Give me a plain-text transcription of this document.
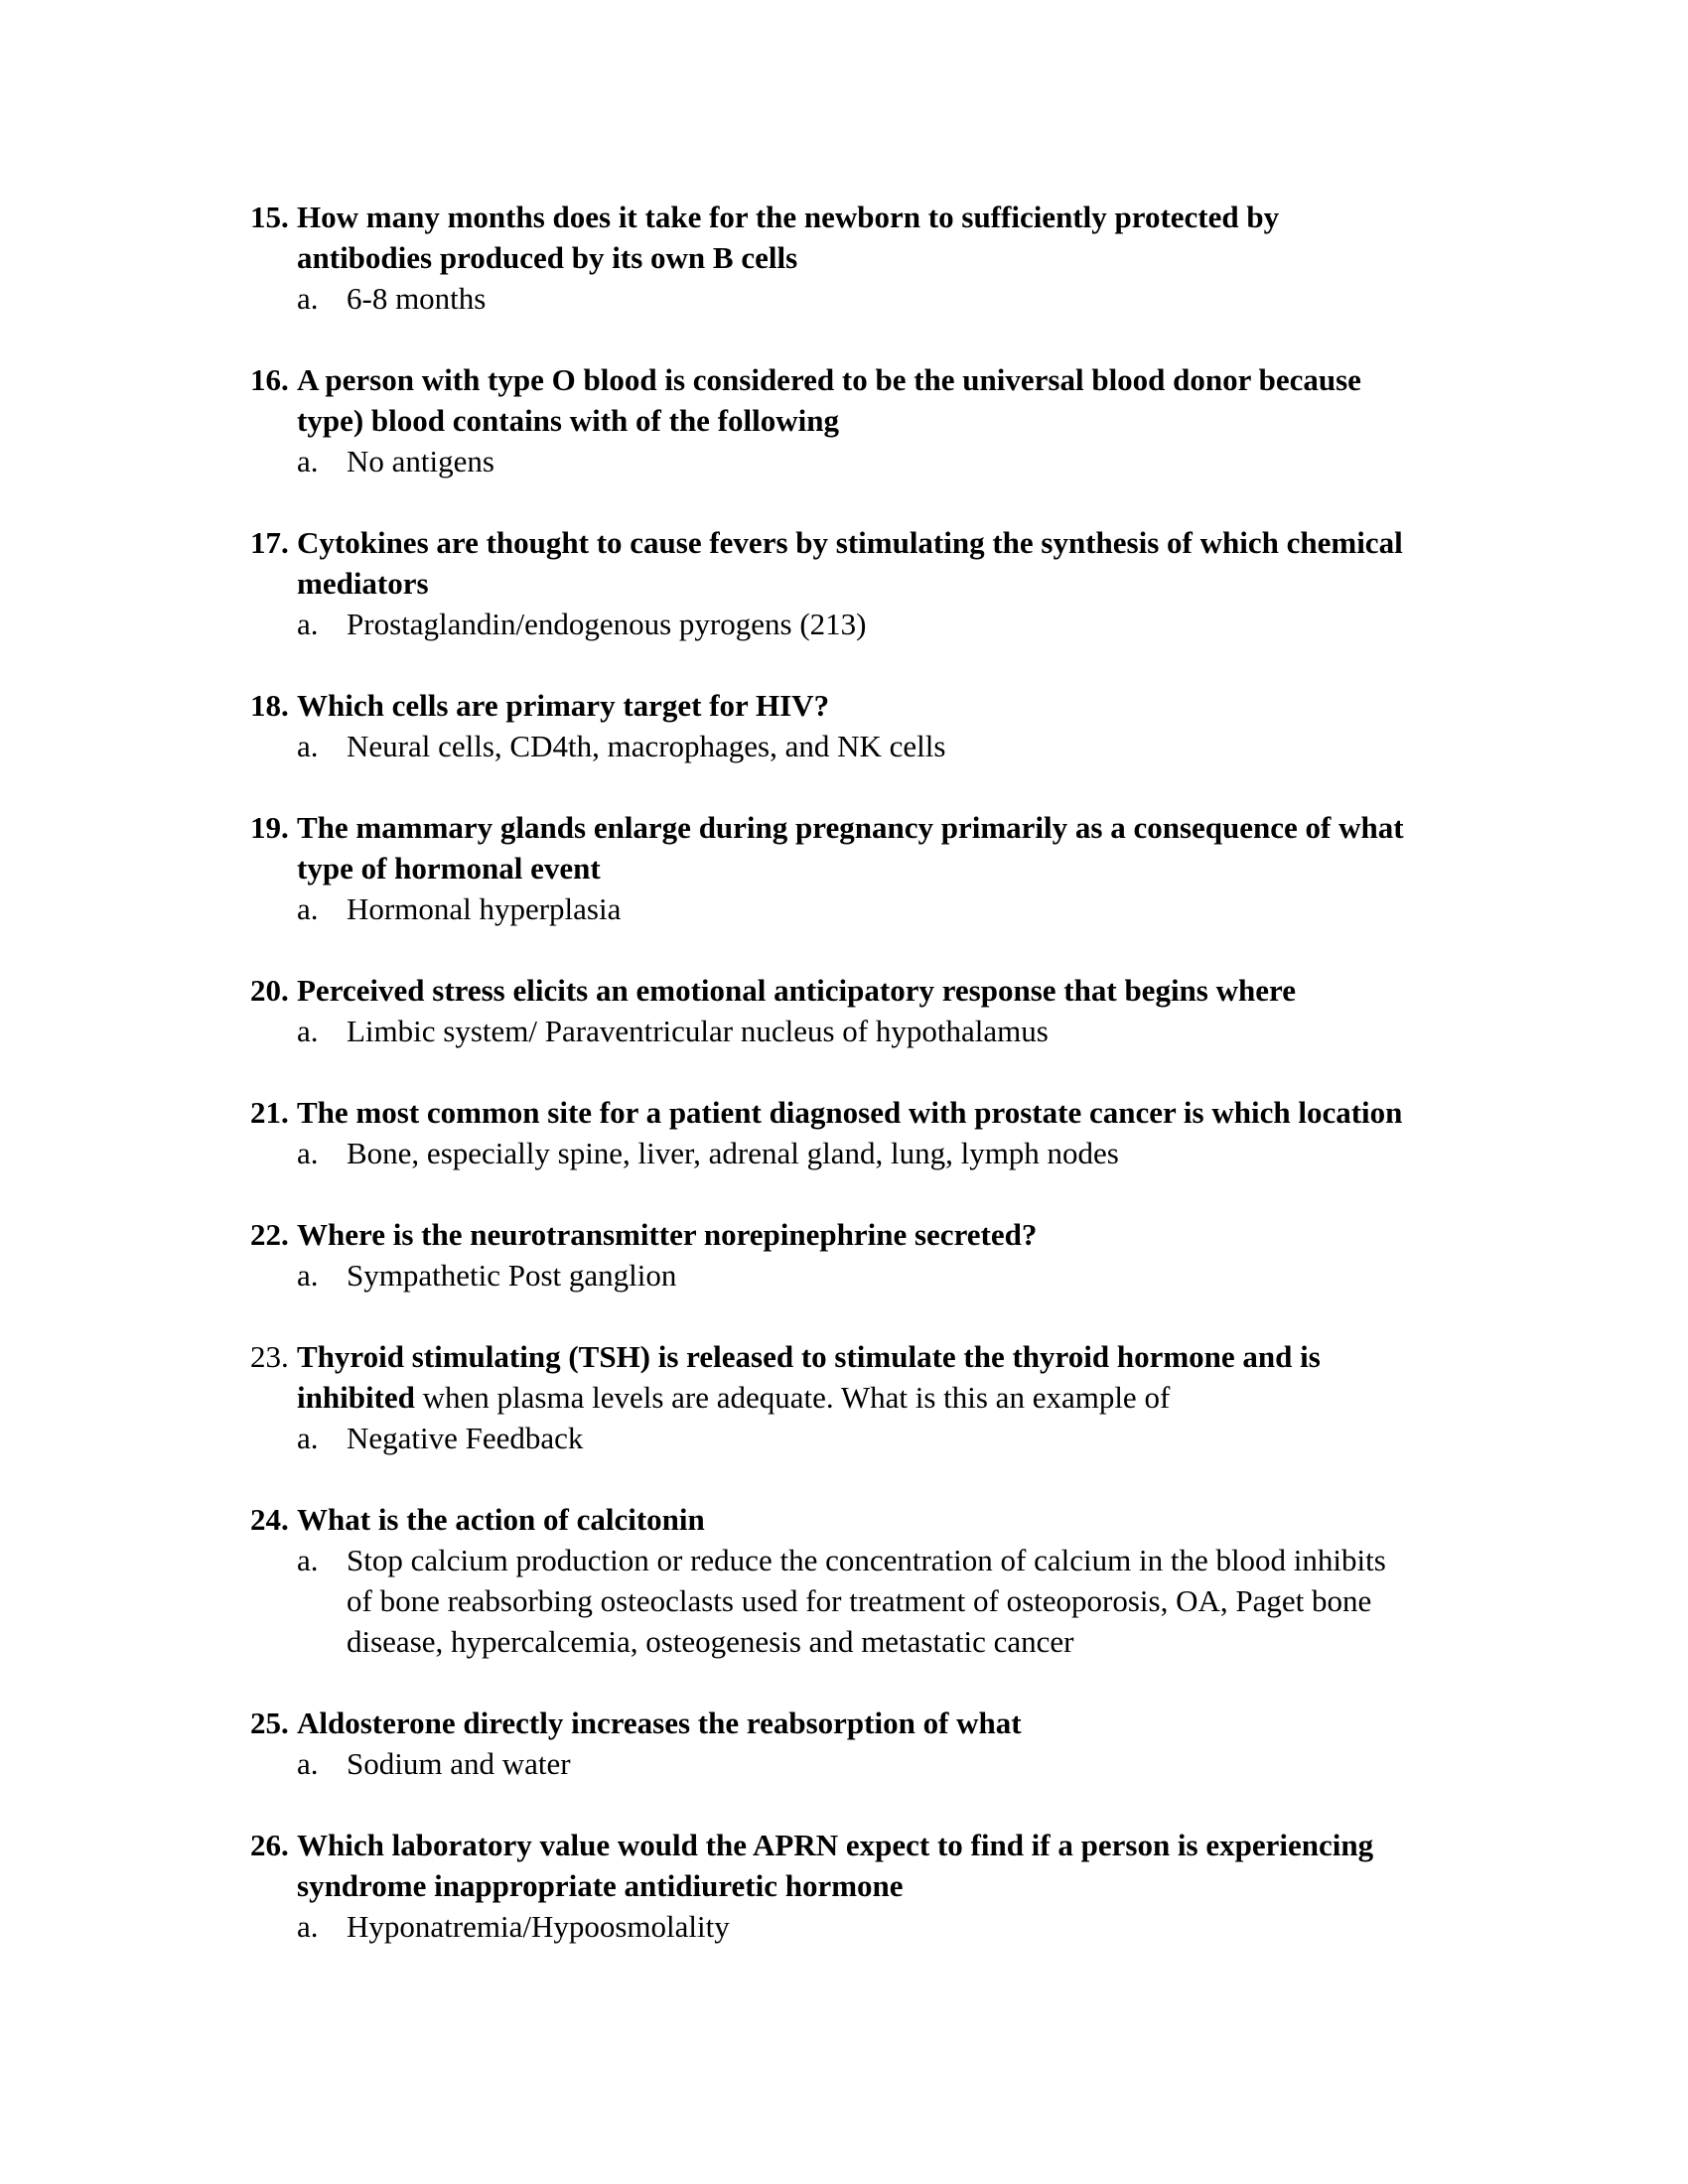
15. How many months does it take for the newborn to sufficiently protected by
antibodies produced by its own B cells
a. 6-8 months
16. A person with type O blood is considered to be the universal blood donor because
type) blood contains with of the following
a. No antigens
17. Cytokines are thought to cause fevers by stimulating the synthesis of which chemical
mediators
a. Prostaglandin/endogenous pyrogens (213)
18. Which cells are primary target for HIV?
a. Neural cells, CD4th, macrophages, and NK cells
19. The mammary glands enlarge during pregnancy primarily as a consequence of what
type of hormonal event
a. Hormonal hyperplasia
20. Perceived stress elicits an emotional anticipatory response that begins where
a. Limbic system/ Paraventricular nucleus of hypothalamus
21. The most common site for a patient diagnosed with prostate cancer is which location
a. Bone, especially spine, liver, adrenal gland, lung, lymph nodes
22. Where is the neurotransmitter norepinephrine secreted?
a. Sympathetic Post ganglion
23. Thyroid stimulating (TSH) is released to stimulate the thyroid hormone and is
inhibited when plasma levels are adequate. What is this an example of
a. Negative Feedback
24. What is the action of calcitonin
a. Stop calcium production or reduce the concentration of calcium in the blood inhibits
of bone reabsorbing osteoclasts used for treatment of osteoporosis, OA, Paget bone
disease, hypercalcemia, osteogenesis and metastatic cancer
25. Aldosterone directly increases the reabsorption of what
a. Sodium and water
26. Which laboratory value would the APRN expect to find if a person is experiencing
syndrome inappropriate antidiuretic hormone
a. Hyponatremia/Hypoosmolality
